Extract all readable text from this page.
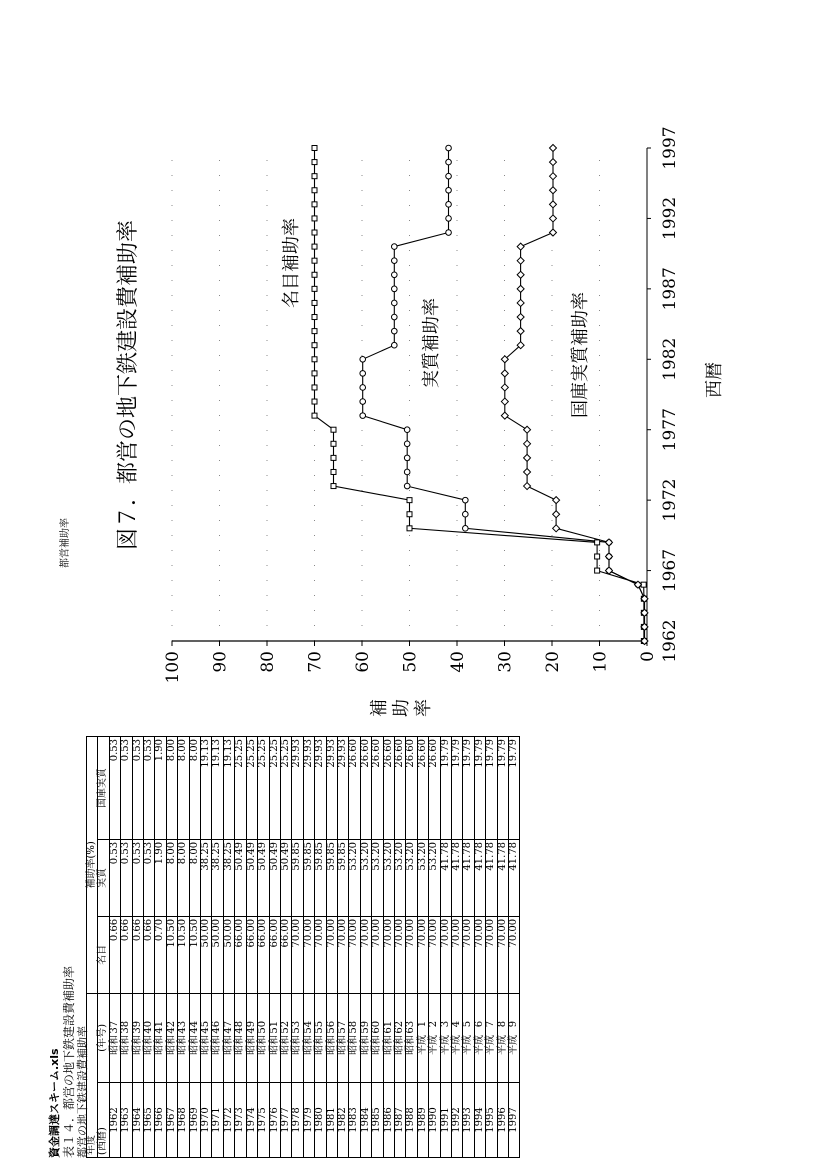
資金調達スキーム.xls 表１４．都営の地下鉄建設費補助率 都営の地下鉄建設費補助率
都営補助率
年度		補助率(%)		
(西暦)	(年号)	名目	実質	国庫実質
1962	昭和37	0.66	0.53	0.53
1963	昭和38	0.66	0.53	0.53
1964	昭和39	0.66	0.53	0.53
1965	昭和40	0.66	0.53	0.53
1966	昭和41	0.70	1.90	1.90
1967	昭和42	10.50	8.00	8.00
1968	昭和43	10.50	8.00	8.00
1969	昭和44	10.50	8.00	8.00
1970	昭和45	50.00	38.25	19.13
1971	昭和46	50.00	38.25	19.13
1972	昭和47	50.00	38.25	19.13
1973	昭和48	66.00	50.49	25.25
1974	昭和49	66.00	50.49	25.25
1975	昭和50	66.00	50.49	25.25
1976	昭和51	66.00	50.49	25.25
1977	昭和52	66.00	50.49	25.25
1978	昭和53	70.00	59.85	29.93
1979	昭和54	70.00	59.85	29.93
1980	昭和55	70.00	59.85	29.93
1981	昭和56	70.00	59.85	29.93
1982	昭和57	70.00	59.85	29.93
1983	昭和58	70.00	53.20	26.60
1984	昭和59	70.00	53.20	26.60
1985	昭和60	70.00	53.20	26.60
1986	昭和61	70.00	53.20	26.60
1987	昭和62	70.00	53.20	26.60
1988	昭和63	70.00	53.20	26.60
1989	平成1	70.00	53.20	26.60
1990	平成2	70.00	53.20	26.60
1991	平成3	70.00	41.78	19.79
1992	平成4	70.00	41.78	19.79
1993	平成5	70.00	41.78	19.79
1994	平成6	70.00	41.78	19.79
1995	平成7	70.00	41.78	19.79
1996	平成8	70.00	41.78	19.79
1997	平成9	70.00	41.78	19.79
0
10
20
30
40
50
60
70
80
90
100
1962
1967
1972
1977
1982
1987
1992
1997
図７．都営の地下鉄建設費補助率	西暦
補 助 率
名目補助率
実質補助率	国庫実質補助率
